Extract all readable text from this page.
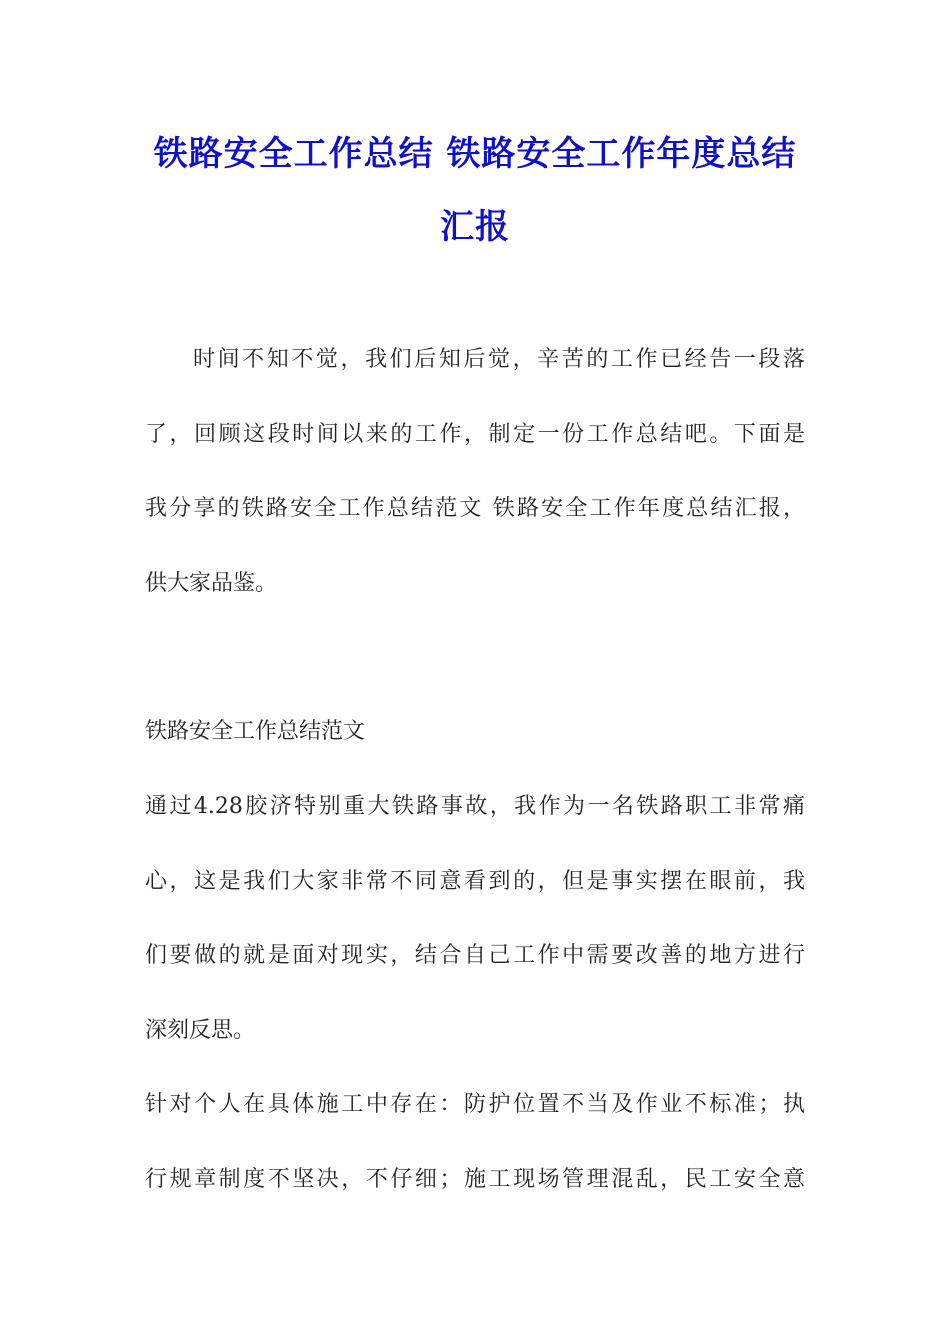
铁路安全工作总结 铁路安全工作年度总结
汇报

时间不知不觉，我们后知后觉，辛苦的工作已经告一段落

了，回顾这段时间以来的工作，制定一份工作总结吧。下面是

我分享的铁路安全工作总结范文 铁路安全工作年度总结汇报，

供大家品鉴。

铁路安全工作总结范文

通过4.28胶济特别重大铁路事故，我作为一名铁路职工非常痛

心，这是我们大家非常不同意看到的，但是事实摆在眼前，我

们要做的就是面对现实，结合自己工作中需要改善的地方进行

深刻反思。

针对个人在具体施工中存在：防护位置不当及作业不标准；执

行规章制度不坚决，不仔细；施工现场管理混乱，民工安全意
